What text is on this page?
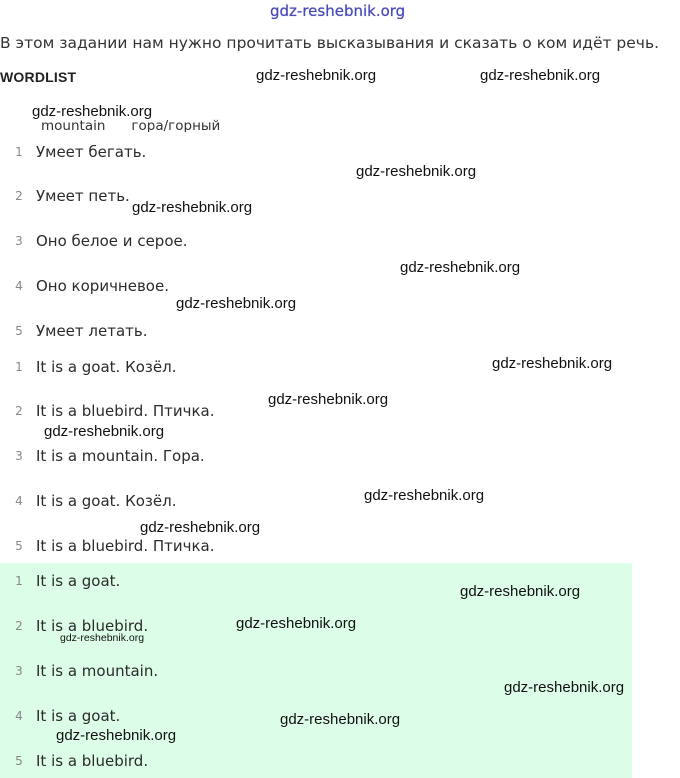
gdz-reshebnik.org
В этом задании нам нужно прочитать высказывания и сказать о ком идёт речь.
WORDLIST
mountain гора/горный
1 Умеет бегать.
2 Умеет петь.
3 Оно белое и серое.
4 Оно коричневое.
5 Умеет летать.
1 It is a goat. Козёл.
2 It is a bluebird. Птичка.
3 It is a mountain. Гора.
4 It is a goat. Козёл.
5 It is a bluebird. Птичка.
1 It is a goat.
2 It is a bluebird.
3 It is a mountain.
4 It is a goat.
5 It is a bluebird.
gdz-reshebnik.org	gdz-reshebnik.org
gdz-reshebnik.org
gdz-reshebnik.org
gdz-reshebnik.org
gdz-reshebnik.org
gdz-reshebnik.org
gdz-reshebnik.org
gdz-reshebnik.org
gdz-reshebnik.org
gdz-reshebnik.org
gdz-reshebnik.org
gdz-reshebnik.org
gdz-reshebnik.org
gdz-reshebnik.org
gdz-reshebnik.org
gdz-reshebnik.org
gdz-reshebnik.org
